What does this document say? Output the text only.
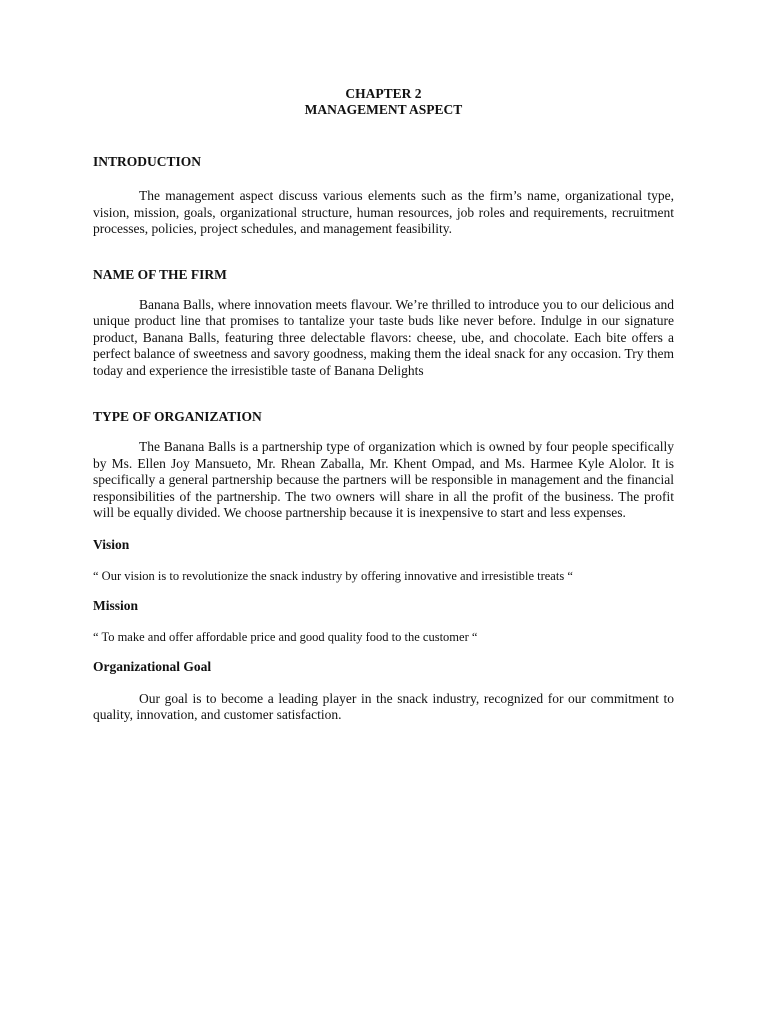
CHAPTER 2

MANAGEMENT ASPECT

INTRODUCTION

The management aspect discuss various elements such as the firm’s name, organizational type, vision, mission, goals, organizational structure, human resources, job roles and requirements, recruitment processes, policies, project schedules, and management feasibility.

NAME OF THE FIRM

Banana Balls, where innovation meets flavour. We’re thrilled to introduce you to our delicious and unique product line that promises to tantalize your taste buds like never before. Indulge in our signature product, Banana Balls, featuring three delectable flavors: cheese, ube, and chocolate. Each bite offers a perfect balance of sweetness and savory goodness, making them the ideal snack for any occasion. Try them today and experience the irresistible taste of Banana Delights

TYPE OF ORGANIZATION

The Banana Balls is a partnership type of organization which is owned by four people specifically by Ms. Ellen Joy Mansueto, Mr. Rhean Zaballa, Mr. Khent Ompad, and Ms. Harmee Kyle Alolor. It is specifically a general partnership because the partners will be responsible in management and the financial responsibilities of the partnership. The two owners will share in all the profit of the business. The profit will be equally divided. We choose partnership because it is inexpensive to start and less expenses.

Vision

“ Our vision is to revolutionize the snack industry by offering innovative and irresistible treats “

Mission

“ To make and offer affordable price and good quality food to the customer “

Organizational Goal

Our goal is to become a leading player in the snack industry, recognized for our commitment to quality, innovation, and customer satisfaction.
